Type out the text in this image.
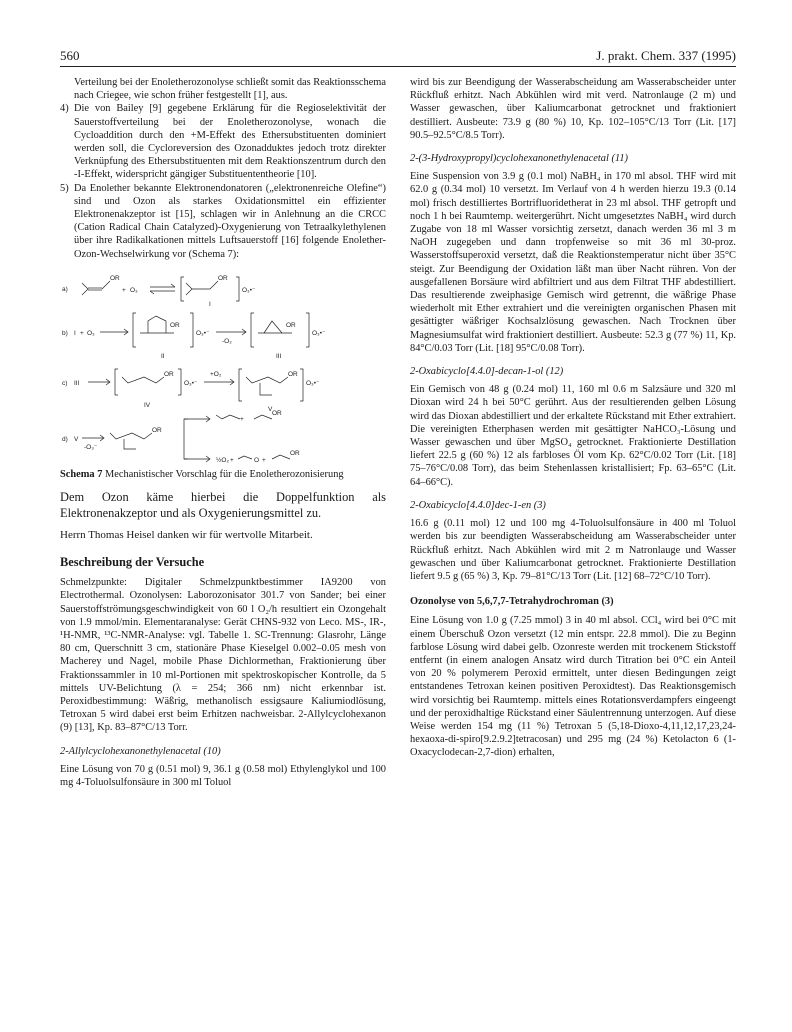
560	J. prakt. Chem. 337 (1995)

Verteilung bei der Enoletherozonolyse schließt somit das Reaktionsschema nach Criegee, wie schon früher festgestellt [1], aus.

4) Die von Bailey [9] gegebene Erklärung für die Regioselektivität der Sauerstoffverteilung bei der Enoletherozonolyse, wonach die Cycloaddition durch den +M-Effekt des Ethersubstituenten dominiert werden soll, die Cycloreversion des Ozonadduktes jedoch trotz direkter Verknüpfung des Ethersubstituenten mit dem Reaktionszentrum durch den -I-Effekt, widerspricht gängiger Substituententheorie [10].
5) Da Enolether bekannte Elektronendonatoren („elektronenreiche Olefine“) sind und Ozon als starkes Oxidationsmittel ein effizienter Elektronenakzeptor ist [15], schlagen wir in Anlehnung an die CRCC (Cation Radical Chain Catalyzed)-Oxygenierung von Tetraalkylethylenen über ihre Radikalkationen mittels Luftsauerstoff [16] folgende Enolether-Ozon-Wechselwirkung vor (Schema 7):
a)
OR
+ O₃
OR
I
O₃•⁻
b) I + O₃
OR
II
O₃•⁻
-O₂
OR
III
O₃•⁻
c) III
OR
IV
O₃•⁻
+O₂	OR
V
O₃•⁻
d) V
-O₃⁻
OR
+
OR
½O₂ +	O +
OR

Schema 7 Mechanistischer Vorschlag für die Enoletherozonisierung

Dem Ozon käme hierbei die Doppelfunktion als Elektronenakzeptor und als Oxygenierungsmittel zu.

Herrn Thomas Heisel danken wir für wertvolle Mitarbeit.

Beschreibung der Versuche

Schmelzpunkte: Digitaler Schmelzpunktbestimmer IA9200 von Electrothermal. Ozonolysen: Laborozonisator 301.7 von Sander; bei einer Sauerstoffströmungsgeschwindigkeit von 60 l O₂/h resultiert ein Ozongehalt von 1.9 mmol/min. Elementaranalyse: Gerät CHNS-932 von Leco. MS-, IR-, ¹H-NMR, ¹³C-NMR-Analyse: vgl. Tabelle 1. SC-Trennung: Glasrohr, Länge 80 cm, Querschnitt 3 cm, stationäre Phase Kieselgel 0.002–0.05 mesh von Macherey und Nagel, mobile Phase Dichlormethan, Fraktionierung über Fraktionssammler in 10 ml-Portionen mit spektroskopischer Kontrolle, da 5 mittels UV-Belichtung (λ = 254; 366 nm) nicht erkennbar ist. Peroxidbestimmung: Wäßrig, methanolisch essigsaure Kaliumiodlösung, Tetroxan 5 wird dabei erst beim Erhitzen nachweisbar. 2-Allylcyclohexanon (9) [13], Kp. 83–87°C/13 Torr.

2-Allylcyclohexanonethylenacetal (10)

Eine Lösung von 70 g (0.51 mol) 9, 36.1 g (0.58 mol) Ethylenglykol und 100 mg 4-Toluolsulfonsäure in 300 ml Toluol

wird bis zur Beendigung der Wasserabscheidung am Wasserabscheider unter Rückfluß erhitzt. Nach Abkühlen wird mit verd. Natronlauge (2 m) und Wasser gewaschen, über Kaliumcarbonat getrocknet und fraktioniert destilliert. Ausbeute: 73.9 g (80 %) 10, Kp. 102–105°C/13 Torr (Lit. [17] 90.5–92.5°C/8.5 Torr).

2-(3-Hydroxypropyl)cyclohexanonethylenacetal (11)

Eine Suspension von 3.9 g (0.1 mol) NaBH₄ in 170 ml absol. THF wird mit 62.0 g (0.34 mol) 10 versetzt. Im Verlauf von 4 h werden hierzu 19.3 (0.14 mol) frisch destilliertes Bortrifluoridetherat in 23 ml absol. THF getropft und noch 1 h bei Raumtemp. weitergerührt. Nicht umgesetztes NaBH₄ wird durch Zugabe von 18 ml Wasser vorsichtig zersetzt, danach werden 36 ml 3 m NaOH zugegeben und dann tropfenweise so mit 36 ml 30-proz. Wasserstoffsuperoxid versetzt, daß die Reaktionstemperatur nicht über 35°C steigt. Zur Beendigung der Oxidation läßt man über Nacht rühren. Von der ausgefallenen Borsäure wird abfiltriert und aus dem Filtrat THF abdestilliert. Das resultierende zweiphasige Gemisch wird getrennt, die wäßrige Phase wiederholt mit Ether extrahiert und die vereinigten organischen Phasen mit gesättigter wäßriger Kochsalzlösung gewaschen. Nach Trocknen über Magnesiumsulfat wird fraktioniert destilliert. Ausbeute: 52.3 g (77 %) 11, Kp. 84°C/0.03 Torr (Lit. [18] 95°C/0.08 Torr).

2-Oxabicyclo[4.4.0]-decan-1-ol (12)

Ein Gemisch von 48 g (0.24 mol) 11, 160 ml 0.6 m Salzsäure und 320 ml Dioxan wird 24 h bei 50°C gerührt. Aus der resultierenden gelben Lösung wird das Dioxan abdestilliert und der erkaltete Rückstand mit Ether extrahiert. Die vereinigten Etherphasen werden mit gesättigter NaHCO₃-Lösung und Wasser gewaschen und über MgSO₄ getrocknet. Fraktionierte Destillation liefert 22.5 g (60 %) 12 als farbloses Öl vom Kp. 62°C/0.02 Torr (Lit. [18] 75–76°C/0.08 Torr), das beim Stehenlassen kristallisiert; Fp. 63–65°C (Lit. 64–66°C).

2-Oxabicyclo[4.4.0]dec-1-en (3)

16.6 g (0.11 mol) 12 und 100 mg 4-Toluolsulfonsäure in 400 ml Toluol werden bis zur beendigten Wasserabscheidung am Wasserabscheider unter Rückfluß erhitzt. Nach Abkühlen wird mit 2 m Natronlauge und Wasser gewaschen und über Kaliumcarbonat getrocknet. Fraktionierte Destillation liefert 9.5 g (65 %) 3, Kp. 79–81°C/13 Torr (Lit. [12] 68–72°C/10 Torr).

Ozonolyse von 5,6,7,7-Tetrahydrochroman (3)

Eine Lösung von 1.0 g (7.25 mmol) 3 in 40 ml absol. CCl₄ wird bei 0°C mit einem Überschuß Ozon versetzt (12 min entspr. 22.8 mmol). Die zu Beginn farblose Lösung wird dabei gelb. Ozonreste werden mit trockenem Stickstoff entfernt (in einem analogen Ansatz wird durch Titration bei 0°C ein Anteil von 20 % polymerem Peroxid ermittelt, unter diesen Bedingungen zeigt entstandenes Tetroxan keinen positiven Peroxidtest). Das Reaktionsgemisch wird vorsichtig bei Raumtemp. mittels eines Rotationsverdampfers eingeengt und der peroxidhaltige Rückstand einer Säulentrennung unterzogen. Auf diese Weise werden 154 mg (11 %) Tetroxan 5 (5,18-Dioxo-4,11,12,17,23,24-hexaoxa-di-spiro[9.2.9.2]tetracosan) und 295 mg (24 %) Ketolacton 6 (1-Oxacyclodecan-2,7-dion) erhalten,
